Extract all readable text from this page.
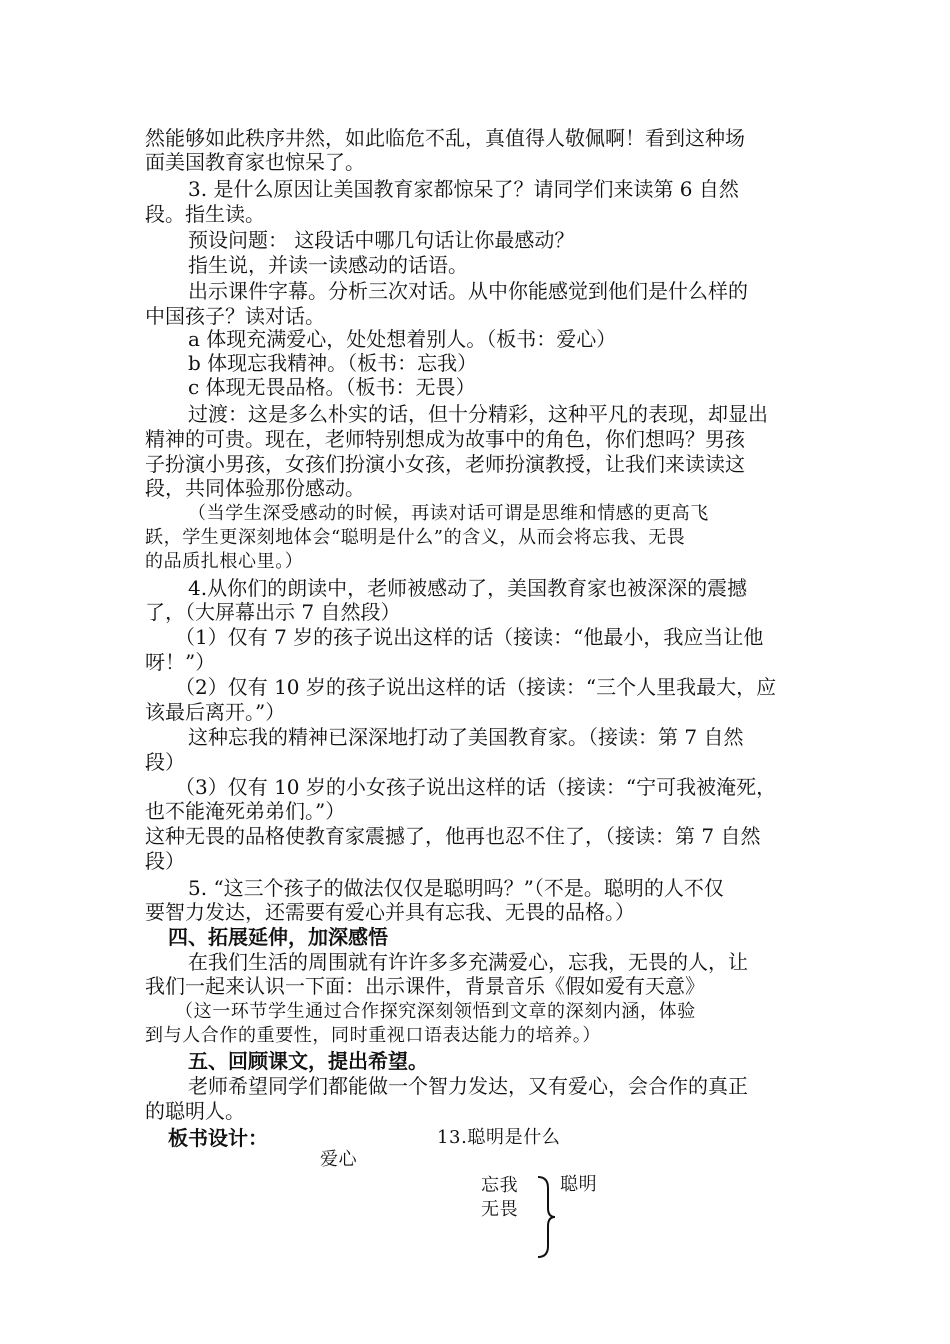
然能够如此秩序井然，如此临危不乱，真值得人敬佩啊！看到这种场
面美国教育家也惊呆了。
3. 是什么原因让美国教育家都惊呆了？请同学们来读第 6 自然
段。指生读。
预设问题： 这段话中哪几句话让你最感动？
指生说，并读一读感动的话语。
出示课件字幕。分析三次对话。从中你能感觉到他们是什么样的
中国孩子？读对话。
a 体现充满爱心，处处想着别人。（板书：爱心）
b 体现忘我精神。（板书：忘我）
c 体现无畏品格。（板书：无畏）
过渡：这是多么朴实的话，但十分精彩，这种平凡的表现，却显出
精神的可贵。现在，老师特别想成为故事中的角色，你们想吗？男孩
子扮演小男孩，女孩们扮演小女孩，老师扮演教授，让我们来读读这
段，共同体验那份感动。
（当学生深受感动的时候，再读对话可谓是思维和情感的更高飞
跃，学生更深刻地体会“聪明是什么”的含义，从而会将忘我、无畏
的品质扎根心里。）
4.从你们的朗读中，老师被感动了，美国教育家也被深深的震撼
了，（大屏幕出示 7 自然段）
（1）仅有 7 岁的孩子说出这样的话（接读：“他最小，我应当让他
呀！”）
（2）仅有 10 岁的孩子说出这样的话（接读：“三个人里我最大，应
该最后离开。”）
这种忘我的精神已深深地打动了美国教育家。（接读：第 7 自然
段）
（3）仅有 10 岁的小女孩子说出这样的话（接读：“宁可我被淹死，
也不能淹死弟弟们。”）
这种无畏的品格使教育家震撼了，他再也忍不住了，（接读：第 7 自然
段）
5. “这三个孩子的做法仅仅是聪明吗？”（不是。聪明的人不仅
要智力发达，还需要有爱心并具有忘我、无畏的品格。）
四、拓展延伸，加深感悟
在我们生活的周围就有许许多多充满爱心，忘我，无畏的人，让
我们一起来认识一下面：出示课件，背景音乐《假如爱有天意》
（这一环节学生通过合作探究深刻领悟到文章的深刻内涵，体验
到与人合作的重要性，同时重视口语表达能力的培养。）
五、回顾课文，提出希望。
老师希望同学们都能做一个智力发达，又有爱心，会合作的真正
的聪明人。
板书设计：	13.聪明是什么
爱心
忘我
无畏
聪明
